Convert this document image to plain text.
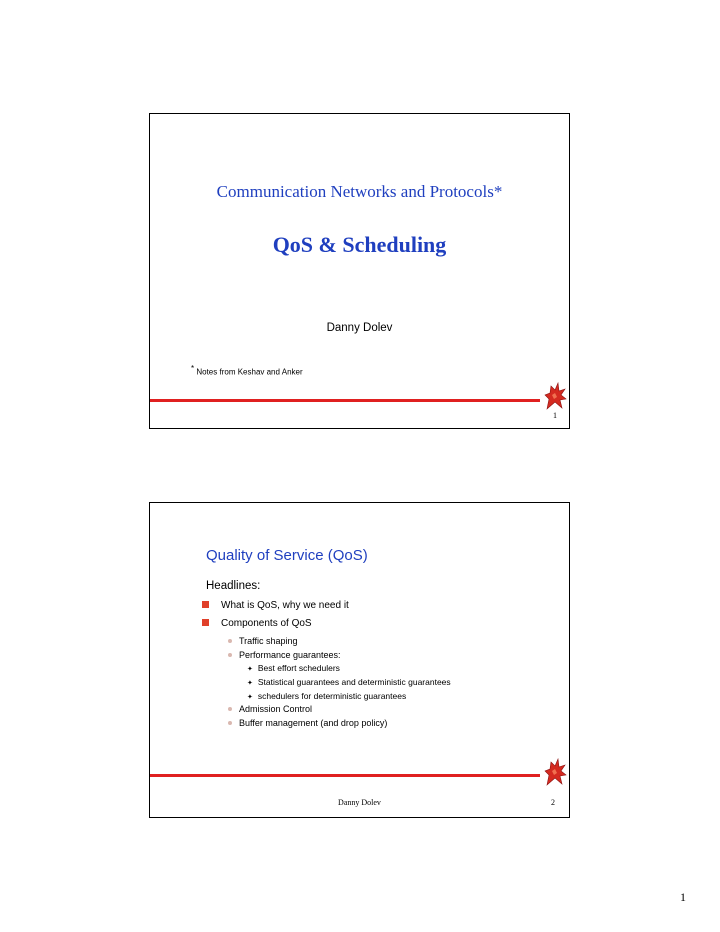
Communication Networks and Protocols*
QoS & Scheduling
Danny Dolev
* Notes from Keshav and Anker
1
Quality of Service (QoS)
Headlines:
What is QoS, why we need it
Components of QoS
Traffic shaping
Performance guarantees:
✦ Best effort schedulers
✦ Statistical guarantees and deterministic guarantees
✦ schedulers for deterministic guarantees
Admission Control
Buffer management (and drop policy)
Danny Dolev	2
1
